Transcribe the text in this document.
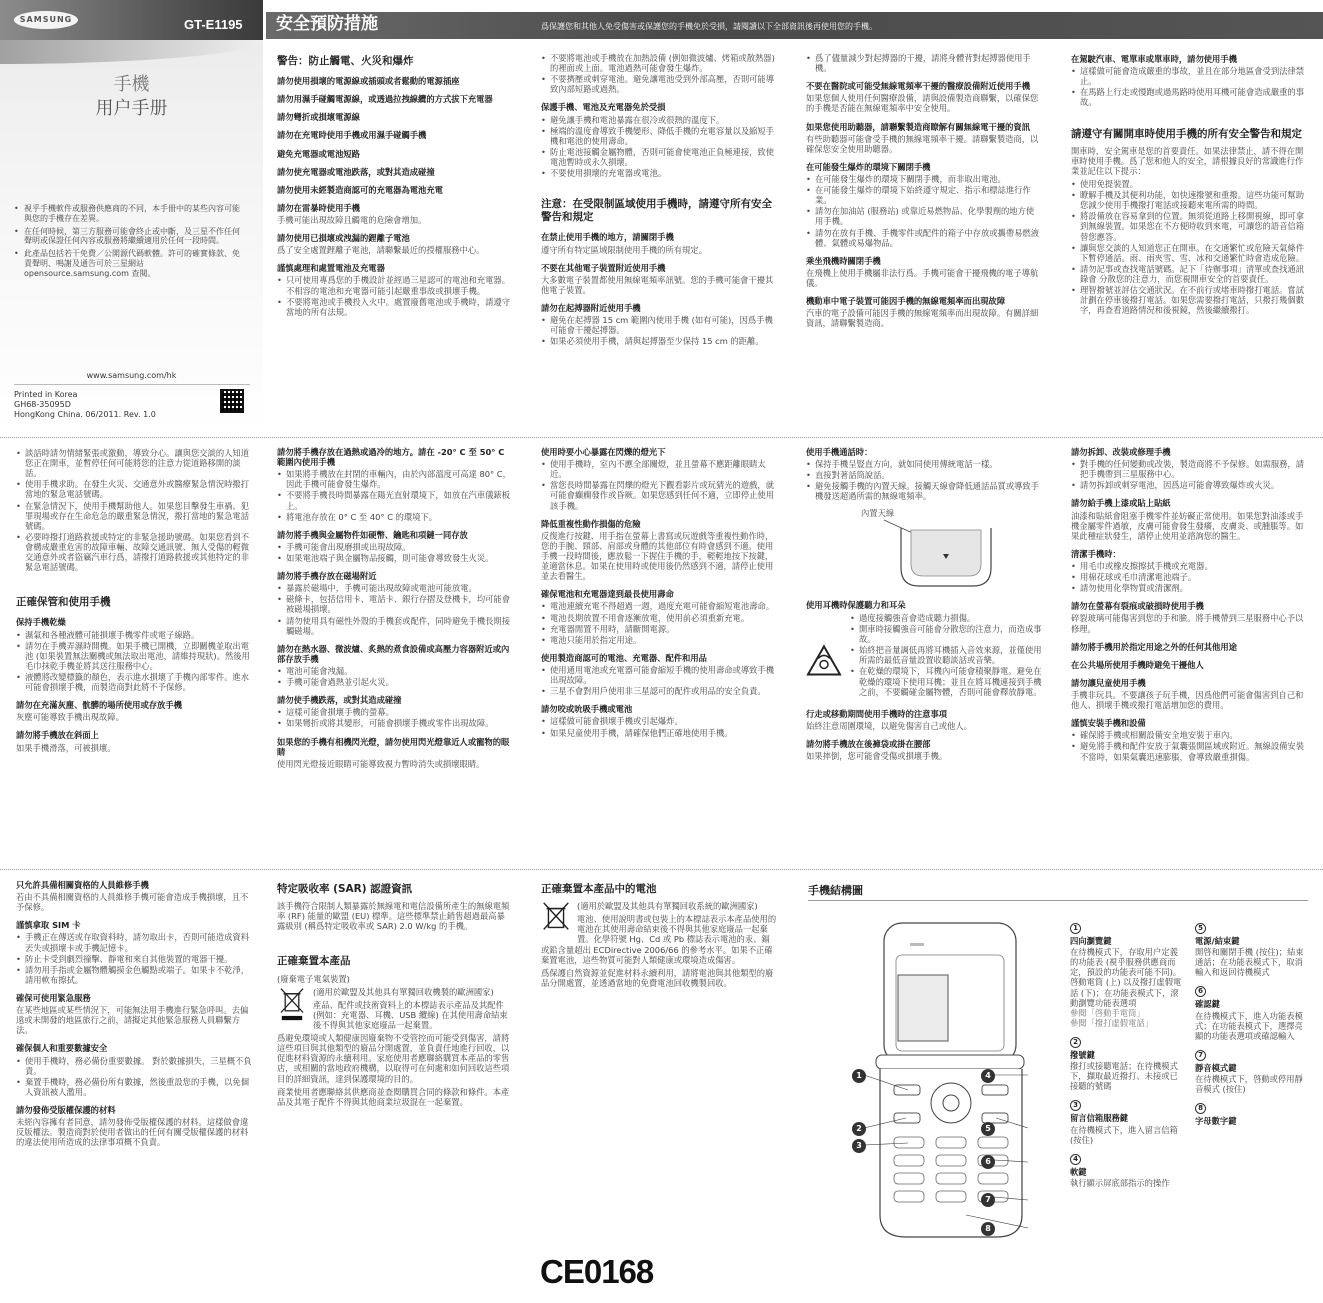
SAMSUNG	GT-E1195
手機
用户手册
• 視乎手機軟件或服務供應商的不同，本手冊中的某些內容可能與您的手機存在差異。
• 在任何時候，第三方服務可能會終止或中斷，及三星不作任何聲明或保證任何內容或服務將繼續適用於任何一段時間。
• 此產品包括若干免費／公開源代碼軟體。許可的確實條款、免責聲明、鳴謝及通告可於三星網站 opensource.samsung.com 查閱。
www.samsung.com/hk
Printed in Korea
GH68-35095D
HongKong China. 06/2011. Rev. 1.0
安全預防措施	爲保護您和其他人免受傷害或保護您的手機免於受損，請閱讀以下全部資訊後再使用您的手機。
警告：防止觸電、火災和爆炸
請勿使用損壞的電源線或插頭或者鬆動的電源插座
請勿用濕手碰觸電源線，或透過拉拽線纜的方式拔下充電器
請勿彎折或損壞電源線
請勿在充電時使用手機或用濕手碰觸手機
避免充電器或電池短路
請勿使充電器或電池跌落，或對其造成碰撞
請勿使用未經製造商認可的充電器為電池充電
請勿在雷暴時使用手機

手機可能出現故障且觸電的危險會增加。

請勿使用已損壞或洩漏的鋰離子電池

爲了安全處置鋰離子電池，請聯繫最近的授權服務中心。

謹慎處理和處置電池及充電器
• 只可使用專爲您的手機設計並經過三星認可的電池和充電器。不相容的電池和充電器可能引起嚴重事故或損壞手機。
• 不要將電池或手機投入火中。處置廢舊電池或手機時，請遵守當地的所有法規。
• 不要將電池或手機放在加熱設備 (例如微波爐、烤箱或散熱器) 的裡面或上面。電池過熱可能會發生爆炸。
• 不要擠壓或刺穿電池。避免讓電池受到外部高壓，否則可能導致內部短路或過熱。
保護手機、電池及充電器免於受損
• 避免讓手機和電池暴露在很冷或很熱的溫度下。
• 極端的溫度會導致手機變形、降低手機的充電容量以及縮短手機和電池的使用壽命。
• 防止電池接觸金屬物體，否則可能會使電池正負極連接，致使電池暫時或永久損壞。
• 不要使用損壞的充電器或電池。
注意：在受限制區域使用手機時，請遵守所有安全警告和規定
在禁止使用手機的地方，請關閉手機

遵守所有特定區域限制使用手機的所有規定。

不要在其他電子裝置附近使用手機

大多數電子裝置都使用無線電頻率訊號。您的手機可能會干擾其他電子裝置。

請勿在起搏器附近使用手機
• 避免在起搏器 15 cm 範圍內使用手機 (如有可能)，因爲手機可能會干擾起搏器。
• 如果必須使用手機，請與起搏器至少保持 15 cm 的距離。
• 爲了儘量減少對起搏器的干擾，請將身體背對起搏器使用手機。
不要在醫院或可能受無線電頻率干擾的醫療設備附近使用手機

如果您個人使用任何醫療設備，請與設備製造商聯繫，以確保您的手機是否能在無線電頻率中安全使用。

如果您使用助聽器，請聯繫製造商瞭解有關無線電干擾的資訊

有些助聽器可能會受手機的無線電頻率干擾。請聯繫製造商，以確保您安全使用助聽器。

在可能發生爆炸的環境下關閉手機
• 在可能發生爆炸的環境下關閉手機，而非取出電池。
• 在可能發生爆炸的環境下始終遵守規定、指示和標誌進行作業。
• 請勿在加油站 (服務站) 或靠近易燃物品、化學製劑的地方使用手機。
• 請勿在放有手機、手機零件或配件的箱子中存放或攜帶易燃液體、氣體或易爆物品。
乘坐飛機時關閉手機

在飛機上使用手機屬非法行爲。手機可能會干擾飛機的電子導航儀。

機動車中電子裝置可能因手機的無線電頻率而出現故障

汽車的電子設備可能因手機的無線電頻率而出現故障。有關詳細資訊，請聯繫製造商。

在駕駛汽車、電單車或單車時，請勿使用手機
• 這樣做可能會造成嚴重的事故，並且在部分地區會受到法律禁止。
• 在馬路上行走或慢跑或過馬路時使用耳機可能會造成嚴重的事故。
請遵守有關開車時使用手機的所有安全警告和規定

開車時，安全駕車是您的首要責任。如果法律禁止，請不得在開車時使用手機。爲了您和他人的安全，請根據良好的常識進行作業並記住以下提示：

• 使用免提裝置。
• 瞭解手機及其便利功能，如快速撥號和重撥。這些功能可幫助您減少使用手機撥打電話或接聽來電所需的時間。
• 將設備放在容易拿到的位置。無須從道路上移開視線，即可拿到無線裝置。如果您在不方便時收到來電，可讓您的語音信箱替您應答。
• 讓與您交談的人知道您正在開車。在交通繁忙或危險天氣條件下暫停通話。雨、雨夾雪、雪、冰和交通繁忙時會造成危險。
• 請勿記事或查找電話號碼。記下「待辦事項」清單或查找通訊錄會 分散您的注意力，而您視開車安全的首要責任。
• 理智撥號並評估交通狀況。在不前行或堵車時撥打電話。嘗試計劃在停車後撥打電話。如果您需要撥打電話，只撥打幾個數字，再查看道路情況和後視鏡，然後繼續撥打。
• 談話時請勿情緒緊張或激動，導致分心。讓與您交談的人知道您正在開車，並暫停任何可能將您的注意力從道路移開的談話。
• 使用手機求助。在發生火災、交通意外或醫療緊急情況時撥打當地的緊急電話號碼。
• 在緊急情況下，使用手機幫助他人。如果您目擊發生車禍、犯罪現場或存在生命危急的嚴重緊急情況，撥打當地的緊急電話號碼。
• 必要時撥打道路救援或特定的非緊急援助號碼。如果您看到不會構成嚴重危害的故障車輛、故障交通訊號、無人受傷的輕微交通意外或者盜竊汽車行爲，請撥打道路救援或其他特定的非緊急電話號碼。
正確保管和使用手機
保持手機乾燥
• 濕氣和各種液體可能損壞手機零件或電子線路。
• 請勿在手機弄濕時開機。如果手機已開機，立即關機並取出電池 (如果裝置無法關機或無法取出電池，請維持現狀)。然後用毛巾抹乾手機並將其送往服務中心。
• 液體將改變標籤的顏色，表示進水損壞了手機內部零件。進水可能會損壞手機，而製造商對此將不予保修。
請勿在充滿灰塵、骯髒的場所使用或存放手機

灰塵可能導致手機出現故障。

請勿將手機放在斜面上

如果手機滑落，可被損壞。

請勿將手機存放在過熱或過冷的地方。請在 -20° C 至 50° C 範圍內使用手機
• 如果將手機放在封閉的車輛內，由於內部溫度可高達 80° C，因此手機可能會發生爆炸。
• 不要將手機長時間暴露在陽光直射環境下，如放在汽車儀錶板上。
• 將電池存放在 0° C 至 40° C 的環境下。
請勿將手機與金屬物件如硬幣、鑰匙和項鏈一同存放
• 手機可能會出現磨損或出現故障。
• 如果電池端子與金屬物品接觸，則可能會導致發生火災。
請勿將手機存放在磁場附近
• 暴露於磁場中，手機可能出現故障或電池可能放電。
• 磁條卡，包括信用卡、電話卡、銀行存摺及登機卡，均可能會被磁場損壞。
• 請勿使用具有磁性外殼的手機套或配件，同時避免手機長期接觸磁場。
請勿在熱水器、微波爐、炙熱的煮食設備或高壓力容器附近或內部存放手機
• 電池可能會洩漏。
• 手機可能會過熱並引起火災。
請勿使手機跌落，或對其造成碰撞
• 這樣可能會損壞手機的螢幕。
• 如果彎折或將其變形，可能會損壞手機或零件出現故障。
如果您的手機有相機閃光燈，請勿使用閃光燈靠近人或寵物的眼睛

使用閃光燈接近眼睛可能導致視力暫時消失或損壞眼睛。

使用時要小心暴露在閃爍的燈光下
• 使用手機時，室內不應全部關燈，並且螢幕不應距離眼睛太近。
• 當您長時間暴露在閃爍的燈光下觀看影片或玩猜光的遊戲，就可能會癲癇發作或昏厥。如果您感到任何不適，立即停止使用該手機。
降低重複性動作損傷的危險

反復進行按鍵、用手指在螢幕上書寫或玩遊戲等重複性動作時，您的手腕、頸部、肩部或身體的其他部位有時會感到不適。使用手機一段時間後，應放鬆一下握住手機的手，輕輕地按下按鍵，並適當休息。如果在使用時或使用後仍然感到不適，請停止使用並去看醫生。

確保電池和充電器達到最長使用壽命
• 電池連續充電不得超過一週，過度充電可能會縮短電池壽命。
• 電池長期放置不用會逐漸放電，使用前必須重新充電。
• 充電器閒置不用時，請斷開電源。
• 電池只能用於指定用途。
使用製造商認可的電池、充電器、配件和用品
• 使用通用電池或充電器可能會縮短手機的使用壽命或導致手機出現故障。
• 三星不會對用戶使用非三星認可的配件或用品的安全負責。
請勿咬或吮吸手機或電池
• 這樣做可能會損壞手機或引起爆炸。
• 如果兒童使用手機，請確保他們正確地使用手機。
使用手機通話時：
• 保持手機呈豎直方向，就如同使用傳統電話一樣。
• 直接對著話筒說話。
• 避免接觸手機的內置天線。接觸天線會降低通話品質或導致手機發送超過所需的無線電頻率。
內置天線
使用耳機時保護聽力和耳朵
• 過度接觸強音會造成聽力損傷。
• 開車時接觸強音可能會分散您的注意力，而造成事故。
• 始終把音量調低再將耳機插入音效來源，並僅使用所需的最低音量設置收聽談話或音樂。
• 在乾燥的環境下，耳機內可能會積聚靜電。避免在乾燥的環境下使用耳機；並且在將耳機連接到手機之前，不要觸碰金屬物體，否則可能會釋放靜電。
行走或移動期間使用手機時的注意事項

始終注意周圍環境，以避免傷害自己或他人。

請勿將手機放在後褲袋或掛在腰部

如果摔倒，您可能會受傷或損壞手機。

請勿拆卸、改裝或修理手機
• 對手機的任何變動或改裝，製造商將不予保修。如需服務，請把手機帶到三星服務中心。
• 請勿拆卸或刺穿電池，因爲這可能會導致爆炸或火災。
請勿給手機上漆或貼上貼紙

油漆和貼紙會阻塞手機零件並妨礙正常使用。如果您對油漆或手機金屬零件過敏，皮膚可能會發生發癢，皮膚炎、或腫脹等。如果此種症狀發生，請停止使用並諮詢您的醫生。

清潔手機時：
• 用毛巾或橡皮擦擦拭手機或充電器。
• 用棉花球或毛巾清潔電池端子。
• 請勿使用化學物質或清潔劑。
請勿在螢幕有裂痕或破損時使用手機

碎裂玻璃可能傷害到您的手和臉。將手機帶到三星服務中心予以修理。

請勿將手機用於指定用途之外的任何其他用途
在公共場所使用手機時避免干擾他人
請勿讓兒童使用手機

手機非玩具。不要讓孩子玩手機，因爲他們可能會傷害到自己和他人、損壞手機或撥打電話增加您的費用。

謹慎安裝手機和設備
• 確保將手機或相關設備安全地安裝于車內。
• 避免將手機和配件安放于氣囊張開區域或附近。無線設備安裝不當時，如果氣囊迅速膨脹，會導致嚴重損傷。
只允許具備相關資格的人員維修手機

若由不具備相關資格的人員維修手機可能會造成手機損壞，且不予保修。

謹慎拿取 SIM 卡
• 手機正在傳送或存取資料時，請勿取出卡，否則可能造成資料丟失或損壞卡或手機記憶卡。
• 防止卡受到劇烈撞擊、靜電和來自其他裝置的電器干擾。
• 請勿用手指或金屬物體觸摸金色觸點或端子。如果卡不乾淨，請用軟布擦拭。
確保可使用緊急服務

在某些地區或某些情況下，可能無法用手機進行緊急呼叫。去偏遠或未開發的地區旅行之前，請擬定其他緊急服務人員聯繫方法。

確保個人和重要數據安全
• 使用手機時，務必備份重要數據。 對於數據損失，三星概不負責。
• 棄置手機時，務必備份所有數據，然後重設您的手機，以免個人資訊被人濫用。
請勿發佈受版權保護的材料

未經內容擁有者同意，請勿發佈受版權保護的材料。這樣做會違反版權法。製造商對於使用者做出的任何有關受版權保護的材料的違法使用所造成的法律事項概不負責。

特定吸收率 (SAR) 認證資訊

該手機符合限制人類暴露於無線電和電信設備所產生的無線電頻率 (RF) 能量的歐盟 (EU) 標準。這些標準禁止銷售超過最高暴露級別 (稱爲特定吸收率或 SAR) 2.0 W/kg 的手機。

正確棄置本產品

(廢棄電子電氣裝置)

(適用於歐盟及其他具有單獨回收機製的歐洲國家)

產品、配件或技術資料上的本標誌表示產品及其配件 (例如：充電器、耳機、USB 纜線) 在其使用壽命結束後不得與其他家庭廢品一起棄置。

爲避免環境或人類健康因廢棄物不受管控而可能受到傷害，請將這些項目與其他類型的廢品分開處置，並負責任地進行回收，以促進材料資源的永續利用。家庭使用者應聯絡購買本產品的零售店，或相關的當地政府機構，以取得可在何處和如何回收這些項目的詳細資訊，達到保護環境的目的。

商業使用者應聯絡其供應商並查閱購買合同的條款和條件。本產品及其電子配件不得與其他商業垃圾混在一起棄置。

正確棄置本產品中的電池

(適用於歐盟及其他具有單獨回收系統的歐洲國家)

電池、使用說明書或包裝上的本標誌表示本產品使用的電池在其使用壽命結束後不得與其他家庭廢品一起棄置。化學符號 Hg、Cd 或 Pb 標誌表示電池的汞、鎘或鉛含量超出 ECDirective 2006/66 的參考水平。如果不正確棄置電池，這些物質可能對人類健康或環境造成傷害。

爲保護自然資源並促進材料永續利用，請將電池與其他類型的廢品分開處置，並透過當地的免費電池回收機製回收。

CE0168
手機結構圖
1
2
3
4
5
6
7
8
1
四向瀏覽鍵
在待機模式下，存取用户定義的功能表 (視乎服務供應商而定，預設的功能表可能不同)。啓動電筒 (上) 以及撥打虛假電話 (下)；在功能表模式下，滾動瀏覽功能表選項
參閱「啓動手電筒」
參閱「撥打虛假電話」
2
撥號鍵
撥打或接聽電話；在待機模式下，擷取最近撥打、未接或已接聽的號碼
3
留言信箱服務鍵
在待機模式下，進入留言信箱 (按住)
4
軟鍵
執行顯示屏底部指示的操作
5
電源/結束鍵
開啓和關閉手機 (按住)；結束通話；在功能表模式下，取消輸入和返回待機模式
6
確認鍵
在待機模式下，進入功能表模式；在功能表模式下，選擇亮顯的功能表選項或確認輸入
7
靜音模式鍵
在待機模式下，啓動或停用靜音模式 (按住)
8
字母數字鍵
